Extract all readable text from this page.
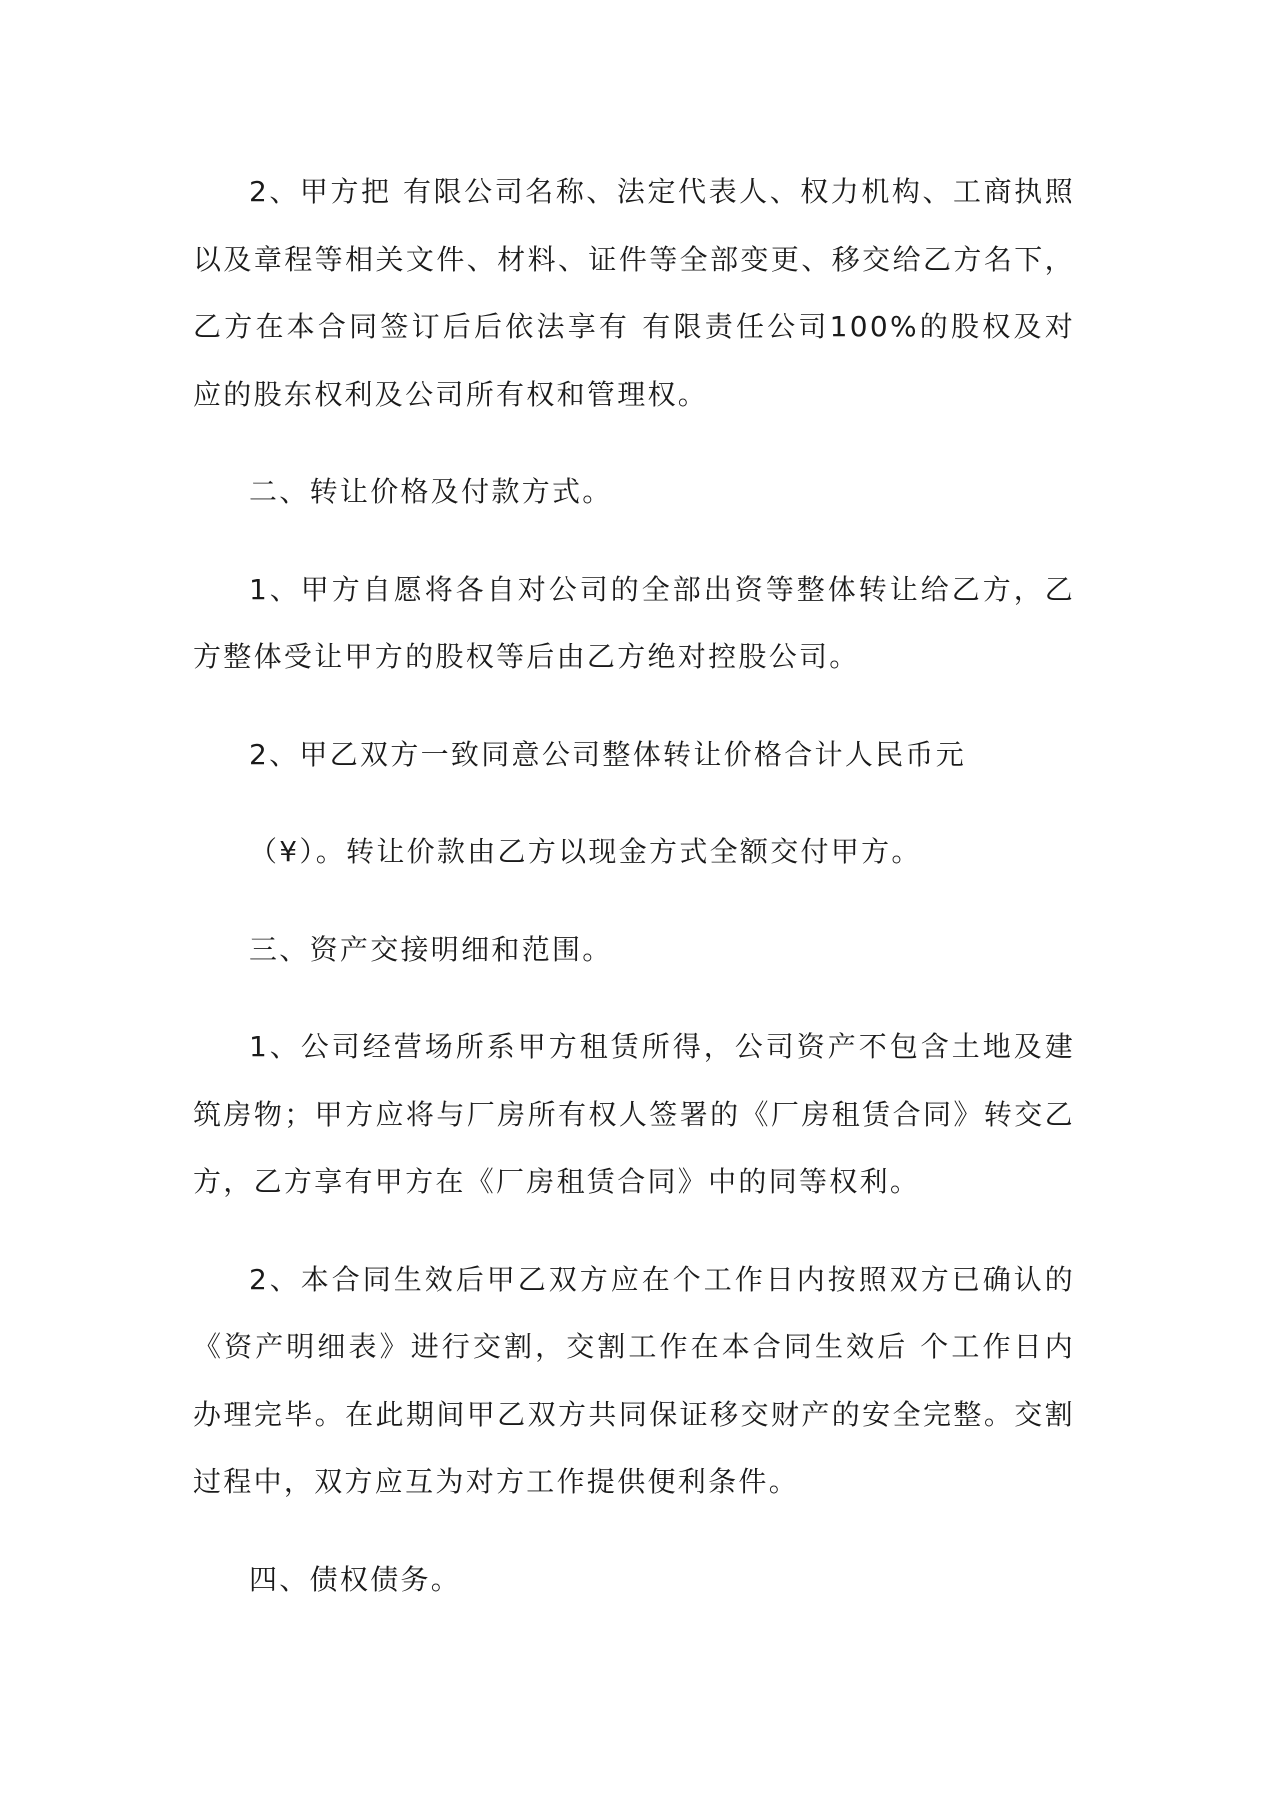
2、甲方把 有限公司名称、法定代表人、权力机构、工商执照以及章程等相关文件、材料、证件等全部变更、移交给乙方名下，乙方在本合同签订后后依法享有 有限责任公司100%的股权及对应的股东权利及公司所有权和管理权。

二、转让价格及付款方式。

1、甲方自愿将各自对公司的全部出资等整体转让给乙方，乙方整体受让甲方的股权等后由乙方绝对控股公司。

2、甲乙双方一致同意公司整体转让价格合计人民币元

（¥）。转让价款由乙方以现金方式全额交付甲方。

三、资产交接明细和范围。

1、公司经营场所系甲方租赁所得，公司资产不包含土地及建筑房物；甲方应将与厂房所有权人签署的《厂房租赁合同》转交乙方，乙方享有甲方在《厂房租赁合同》中的同等权利。

2、本合同生效后甲乙双方应在个工作日内按照双方已确认的《资产明细表》进行交割，交割工作在本合同生效后 个工作日内办理完毕。在此期间甲乙双方共同保证移交财产的安全完整。交割过程中，双方应互为对方工作提供便利条件。

四、债权债务。
